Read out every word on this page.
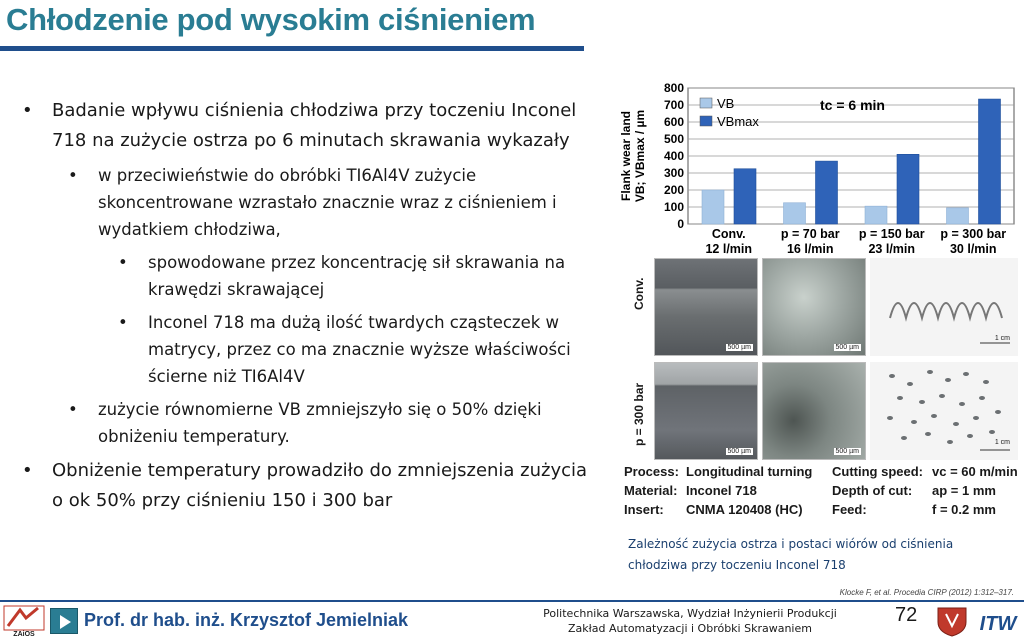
Chłodzenie pod wysokim ciśnieniem
• Badanie wpływu ciśnienia chłodziwa przy toczeniu Inconel 718 na zużycie ostrza po 6 minutach skrawania wykazały
• w przeciwieństwie do obróbki TI6Al4V zużycie skoncentrowane wzrastało znacznie wraz z ciśnieniem i wydatkiem chłodziwa,
• spowodowane przez koncentrację sił skrawania na krawędzi skrawającej
• Inconel 718 ma dużą ilość twardych cząsteczek w matrycy, przez co ma znacznie wyższe właściwości ścierne niż TI6Al4V
• zużycie równomierne VB zmniejszyło się o 50% dzięki obniżeniu temperatury.
• Obniżenie temperatury prowadziło do zmniejszenia zużycia o ok 50% przy ciśnieniu 150 i 300 bar
0
100
200
300
400
500
600
700
800
Conv.
12 l/min
p = 70 bar
16 l/min
p = 150 bar
23 l/min
p = 300 bar
30 l/min
Flank wear land VB; VBmax / µm
VB
VBmax
tc = 6 min
Conv.
p = 300 bar
500 µm	500 µm
1 cm
500 µm	500 µm
1 cm
Process: Longitudinal turning	Cutting speed: vc = 60 m/min
Material: Inconel 718	Depth of cut:	ap = 1 mm
Insert:	CNMA 120408 (HC)	Feed:	f = 0.2 mm
Zależność zużycia ostrza i postaci wiórów od ciśnienia chłodziwa przy toczeniu Inconel 718
Klocke F, et al. Procedia CIRP (2012) 1:312–317.
ZAiOS
Prof. dr hab. inż. Krzysztof Jemielniak	Politechnika Warszawska, Wydział Inżynierii Produkcji
Zakład Automatyzacji i Obróbki Skrawaniem
72	ITW
